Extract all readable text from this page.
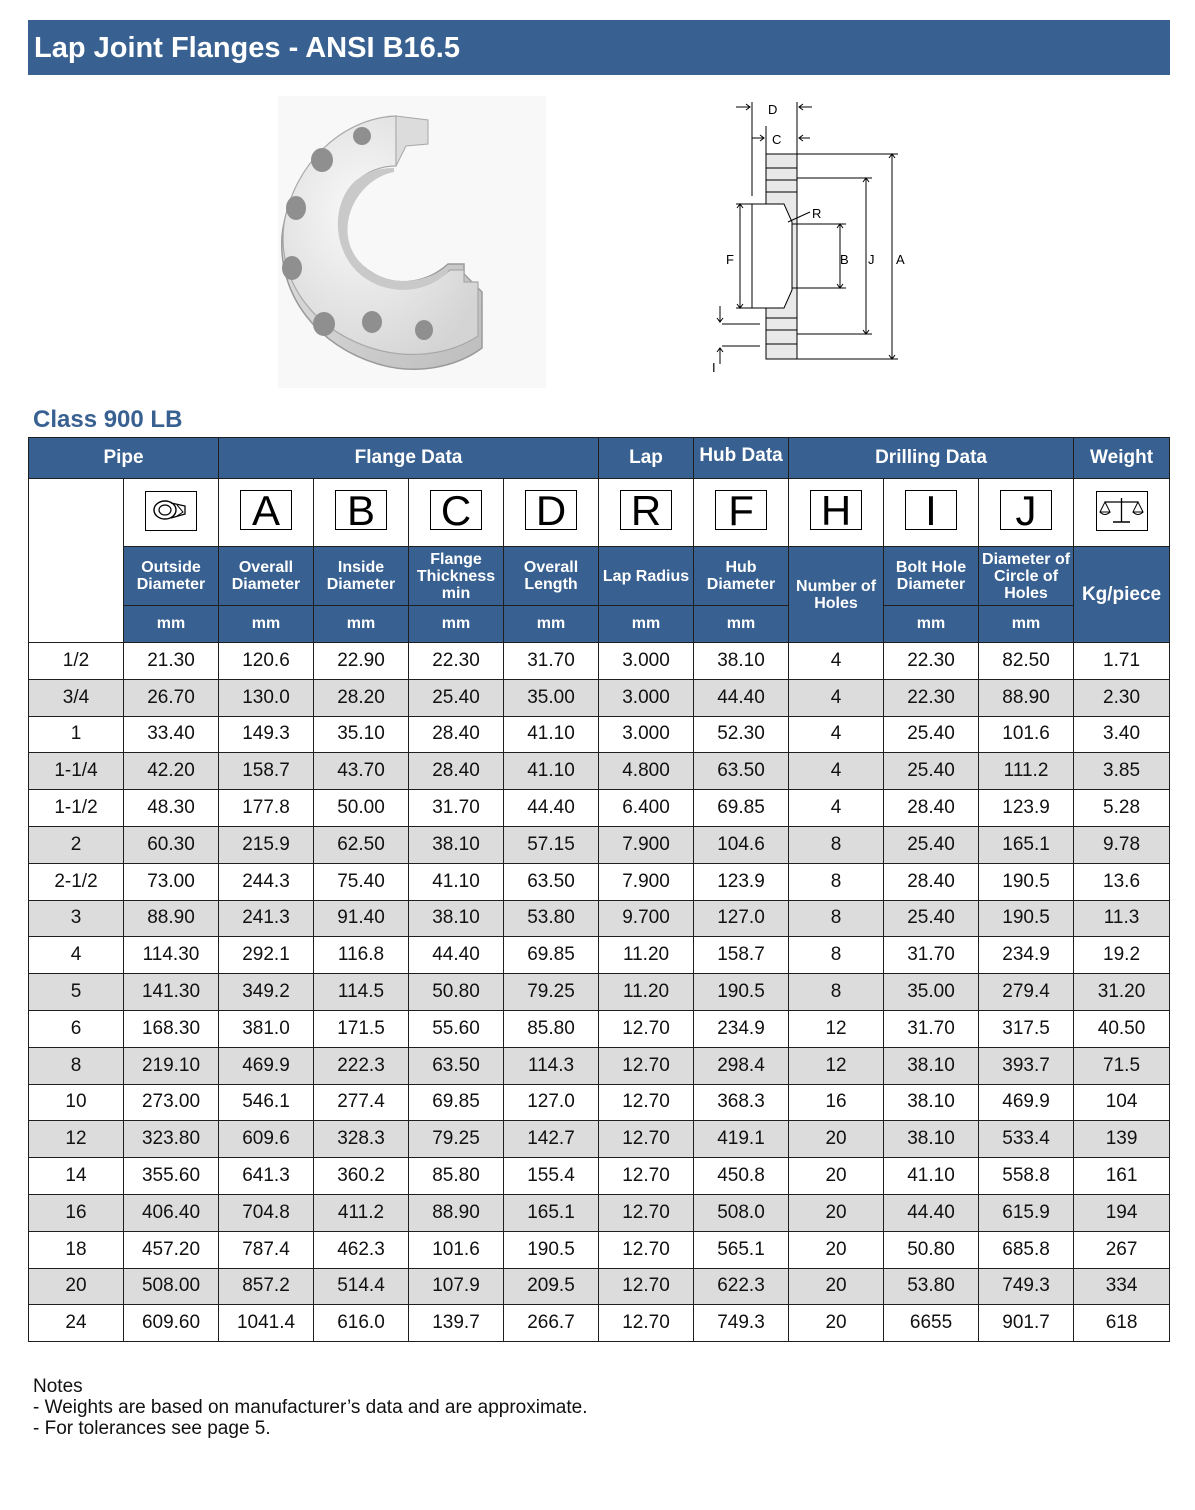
Lap Joint Flanges - ANSI B16.5
D
C
R
F	B J A
I
Class 900 LB
Pipe		Flange Data				Lap	Hub Data	Drilling Data			Weight

Nominal Pipe Size		A	B	C	D	R	F	H	I	J	
	Outside Diameter	Overall Diameter	Inside Diameter	Flange Thickness min	Overall Length	Lap Radius	Hub Diameter	Number of Holes	Bolt Hole Diameter	Diameter of Circle of Holes	Kg/piece
	mm	mm	mm	mm	mm	mm	mm		mm	mm	
1/2	21.30	120.6	22.90	22.30	31.70	3.000	38.10	4	22.30	82.50	1.71
3/4	26.70	130.0	28.20	25.40	35.00	3.000	44.40	4	22.30	88.90	2.30
1	33.40	149.3	35.10	28.40	41.10	3.000	52.30	4	25.40	101.6	3.40
1-1/4	42.20	158.7	43.70	28.40	41.10	4.800	63.50	4	25.40	111.2	3.85
1-1/2	48.30	177.8	50.00	31.70	44.40	6.400	69.85	4	28.40	123.9	5.28
2	60.30	215.9	62.50	38.10	57.15	7.900	104.6	8	25.40	165.1	9.78
2-1/2	73.00	244.3	75.40	41.10	63.50	7.900	123.9	8	28.40	190.5	13.6
3	88.90	241.3	91.40	38.10	53.80	9.700	127.0	8	25.40	190.5	11.3
4	114.30	292.1	116.8	44.40	69.85	11.20	158.7	8	31.70	234.9	19.2
5	141.30	349.2	114.5	50.80	79.25	11.20	190.5	8	35.00	279.4	31.20
6	168.30	381.0	171.5	55.60	85.80	12.70	234.9	12	31.70	317.5	40.50
8	219.10	469.9	222.3	63.50	114.3	12.70	298.4	12	38.10	393.7	71.5
10	273.00	546.1	277.4	69.85	127.0	12.70	368.3	16	38.10	469.9	104
12	323.80	609.6	328.3	79.25	142.7	12.70	419.1	20	38.10	533.4	139
14	355.60	641.3	360.2	85.80	155.4	12.70	450.8	20	41.10	558.8	161
16	406.40	704.8	411.2	88.90	165.1	12.70	508.0	20	44.40	615.9	194
18	457.20	787.4	462.3	101.6	190.5	12.70	565.1	20	50.80	685.8	267
20	508.00	857.2	514.4	107.9	209.5	12.70	622.3	20	53.80	749.3	334
24	609.60	1041.4	616.0	139.7	266.7	12.70	749.3	20	6655	901.7	618
Notes
- Weights are based on manufacturer’s data and are approximate.
- For tolerances see page 5.
